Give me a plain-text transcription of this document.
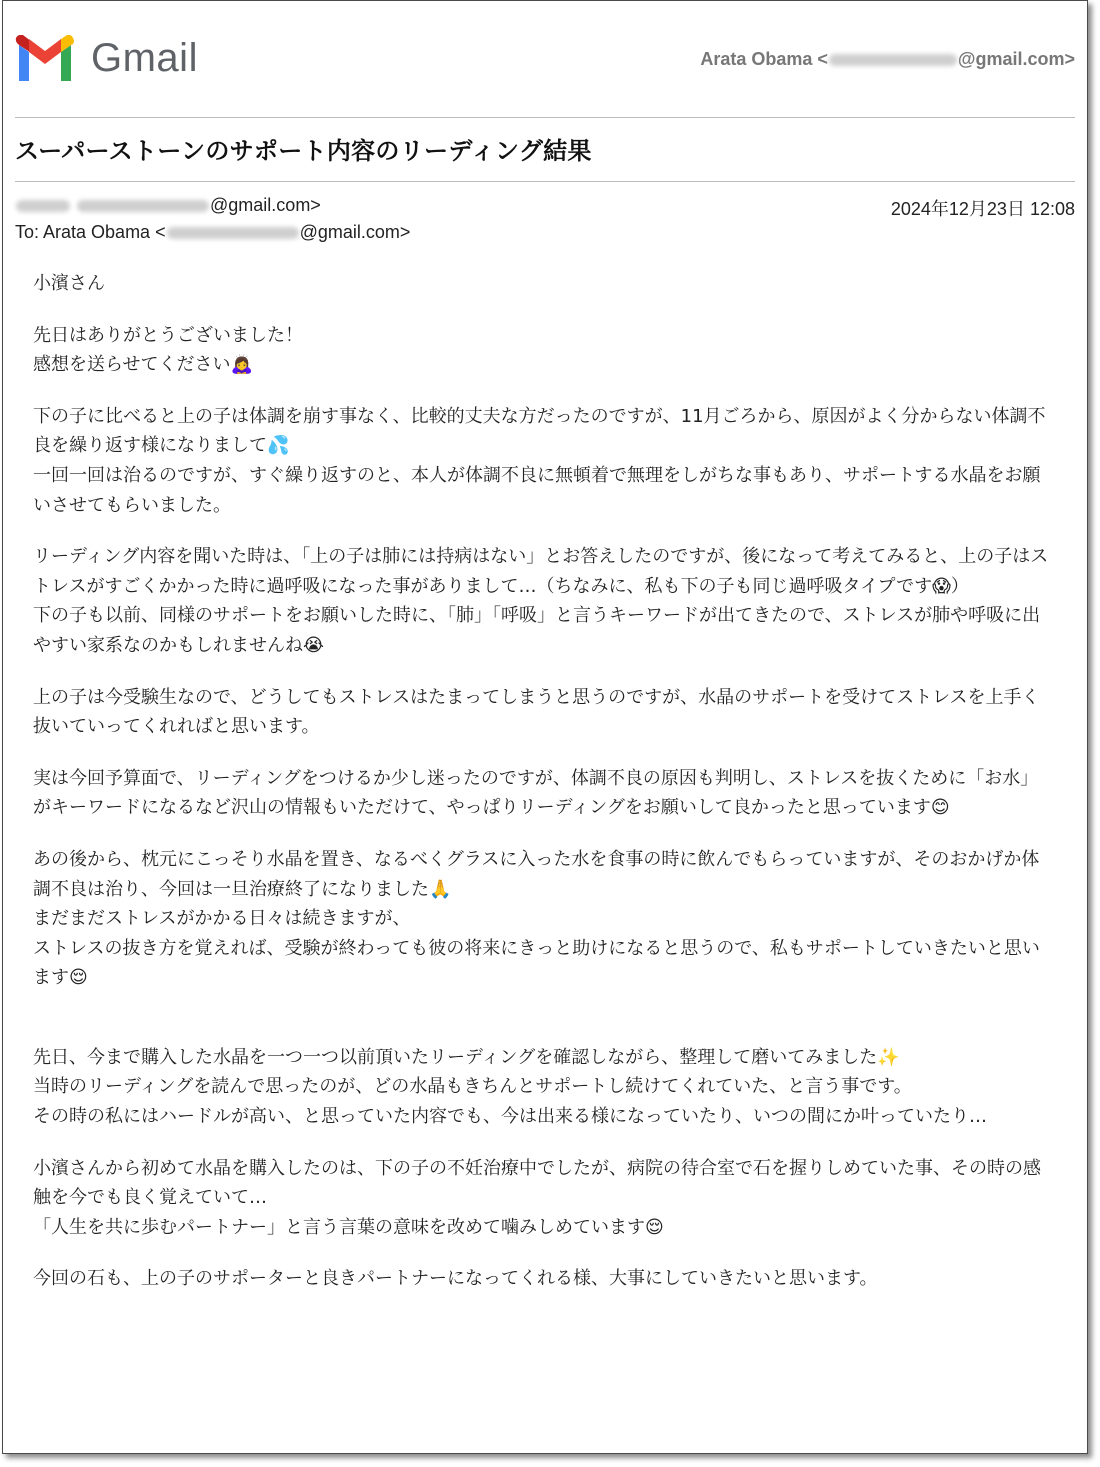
Gmail	Arata Obama <	@gmail.com>
スーパーストーンのサポート内容のリーディング結果
@gmail.com>	2024年12月23日 12:08
To: Arata Obama <	@gmail.com>

小濱さん

先日はありがとうございました！
感想を送らせてください🙇‍♀️

下の子に比べると上の子は体調を崩す事なく、比較的丈夫な方だったのですが、11月ごろから、原因がよく分からない体調不良を繰り返す様になりまして💦
一回一回は治るのですが、すぐ繰り返すのと、本人が体調不良に無頓着で無理をしがちな事もあり、サポートする水晶をお願いさせてもらいました。

リーディング内容を聞いた時は、「上の子は肺には持病はない」とお答えしたのですが、後になって考えてみると、上の子はストレスがすごくかかった時に過呼吸になった事がありまして…（ちなみに、私も下の子も同じ過呼吸タイプです😱）
下の子も以前、同様のサポートをお願いした時に、「肺」「呼吸」と言うキーワードが出てきたので、ストレスが肺や呼吸に出やすい家系なのかもしれませんね😭

上の子は今受験生なので、どうしてもストレスはたまってしまうと思うのですが、水晶のサポートを受けてストレスを上手く抜いていってくれればと思います。

実は今回予算面で、リーディングをつけるか少し迷ったのですが、体調不良の原因も判明し、ストレスを抜くために「お水」がキーワードになるなど沢山の情報もいただけて、やっぱりリーディングをお願いして良かったと思っています😊

あの後から、枕元にこっそり水晶を置き、なるべくグラスに入った水を食事の時に飲んでもらっていますが、そのおかげか体調不良は治り、今回は一旦治療終了になりました🙏
まだまだストレスがかかる日々は続きますが、
ストレスの抜き方を覚えれば、受験が終わっても彼の将来にきっと助けになると思うので、私もサポートしていきたいと思います😌

先日、今まで購入した水晶を一つ一つ以前頂いたリーディングを確認しながら、整理して磨いてみました✨
当時のリーディングを読んで思ったのが、どの水晶もきちんとサポートし続けてくれていた、と言う事です。
その時の私にはハードルが高い、と思っていた内容でも、今は出来る様になっていたり、いつの間にか叶っていたり…

小濱さんから初めて水晶を購入したのは、下の子の不妊治療中でしたが、病院の待合室で石を握りしめていた事、その時の感触を今でも良く覚えていて…
「人生を共に歩むパートナー」と言う言葉の意味を改めて噛みしめています😌

今回の石も、上の子のサポーターと良きパートナーになってくれる様、大事にしていきたいと思います。
